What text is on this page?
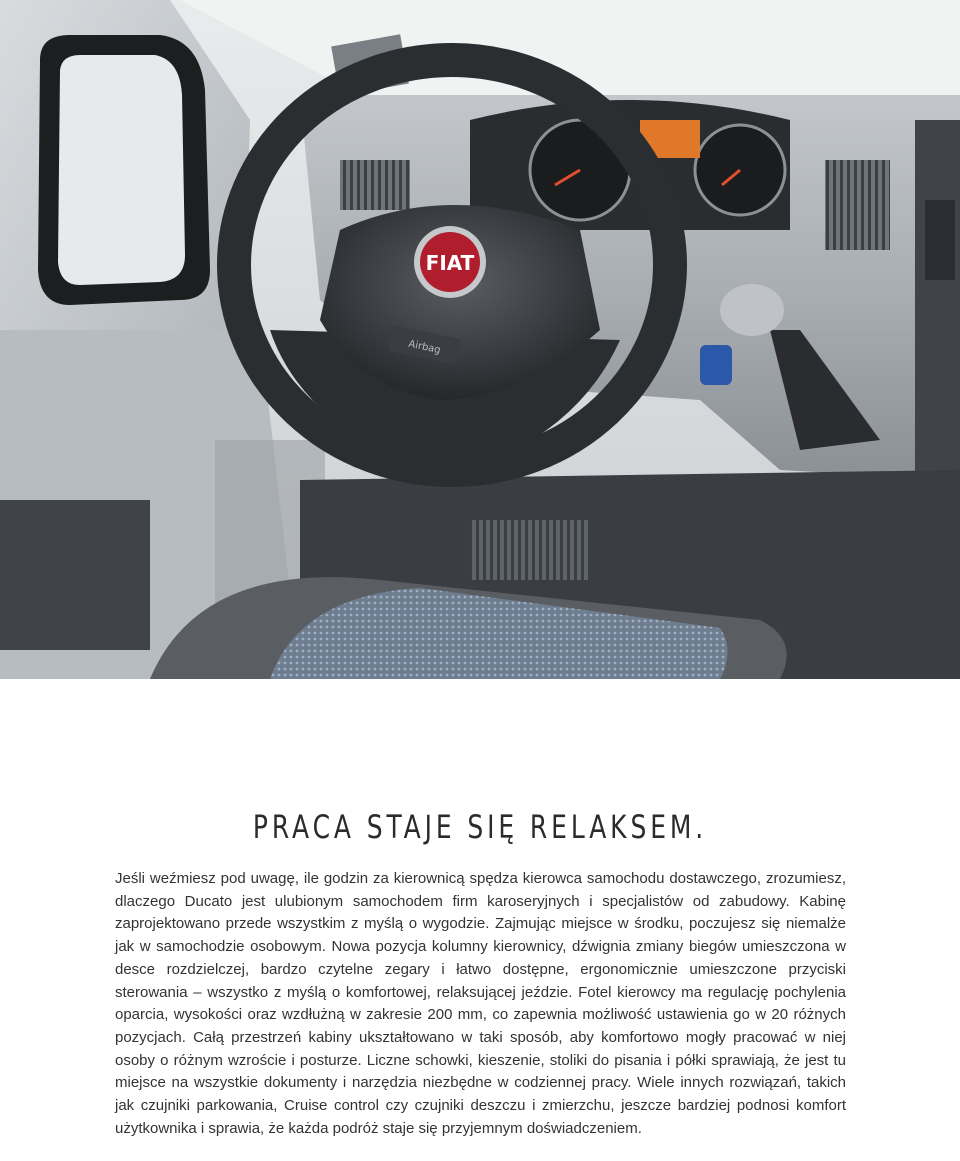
FIAT
Airbag
PRACA STAJE SIĘ RELAKSEM.

Jeśli weźmiesz pod uwagę, ile godzin za kierownicą spędza kierowca samochodu dostawczego, zrozumiesz, dlaczego Ducato jest ulubionym samochodem firm karoseryjnych i specjalistów od zabudowy. Kabinę zaprojektowano przede wszystkim z myślą o wygodzie. Zajmując miejsce w środku, poczujesz się niemalże jak w samochodzie osobowym. Nowa pozycja kolumny kierownicy, dźwignia zmiany biegów umieszczona w desce rozdzielczej, bardzo czytelne zegary i łatwo dostępne, ergonomicznie umieszczone przyciski sterowania – wszystko z myślą o komfortowej, relaksującej jeździe. Fotel kierowcy ma regulację pochylenia oparcia, wysokości oraz wzdłużną w zakresie 200 mm, co zapewnia możliwość ustawienia go w 20 różnych pozycjach. Całą przestrzeń kabiny ukształtowano w taki sposób, aby komfortowo mogły pracować w niej osoby o różnym wzroście i posturze. Liczne schowki, kieszenie, stoliki do pisania i półki sprawiają, że jest tu miejsce na wszystkie dokumenty i narzędzia niezbędne w codziennej pracy. Wiele innych rozwiązań, takich jak czujniki parkowania, Cruise control czy czujniki deszczu i zmierzchu, jeszcze bardziej podnosi komfort użytkownika i sprawia, że każda podróż staje się przyjemnym doświadczeniem.
